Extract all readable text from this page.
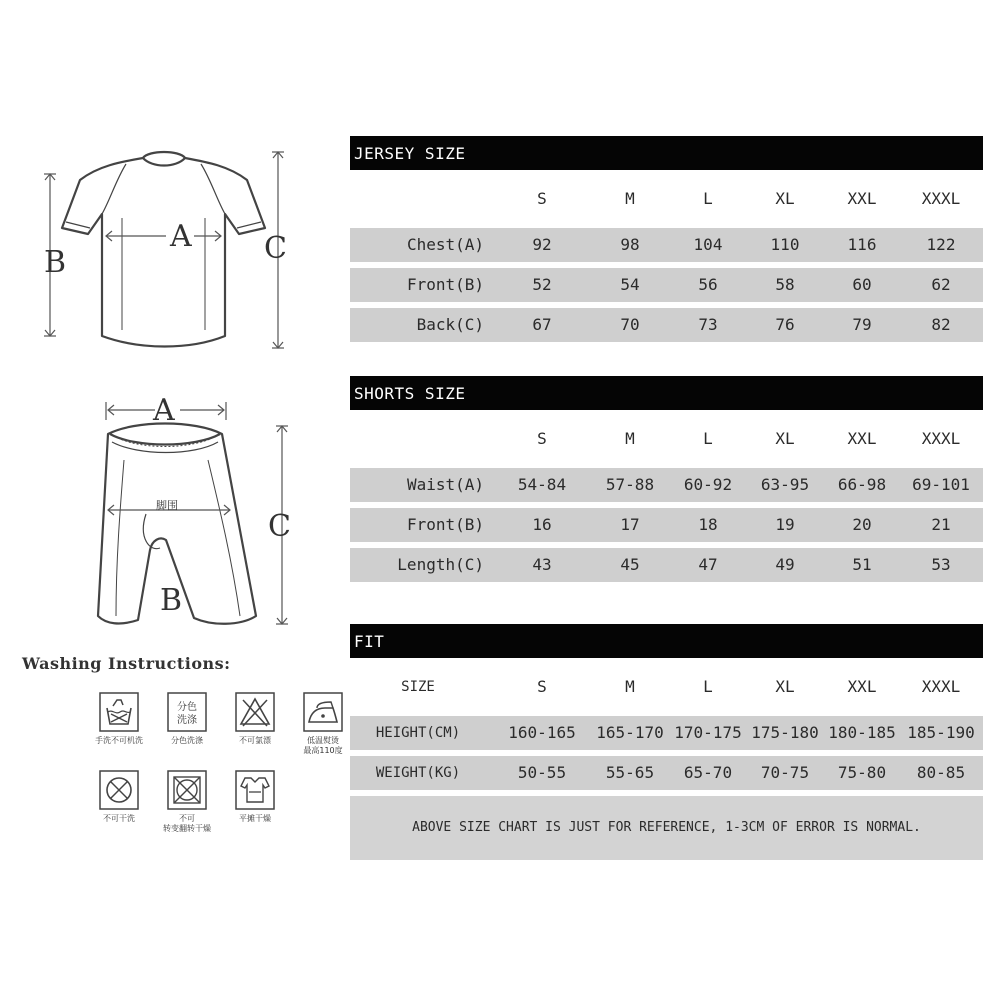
A
B	C
A
B
C
脚围
Washing Instructions:
手洗不可机洗
分色
洗涤
分色洗涤	不可氯漂	低温熨烫
最高110度
不可干洗	不可
转变翻转干燥
平摊干燥
JERSEY SIZE
S	M	L	XL	XXL	XXXL
Chest(A)	92	98	104	110	116	122
Front(B)	52	54	56	58	60	62
Back(C)	67	70	73	76	79	82
SHORTS SIZE
S	M	L	XL	XXL	XXXL
Waist(A)	54-84	57-88	60-92	63-95	66-98	69-101
Front(B)	16	17	18	19	20	21
Length(C)	43	45	47	49	51	53
FIT
SIZE	S	M	L	XL	XXL	XXXL
HEIGHT(CM)	160-165	165-170 170-175 175-180 180-185 185-190
WEIGHT(KG)	50-55	55-65	65-70	70-75	75-80	80-85
ABOVE SIZE CHART IS JUST FOR REFERENCE, 1-3CM OF ERROR IS NORMAL.
